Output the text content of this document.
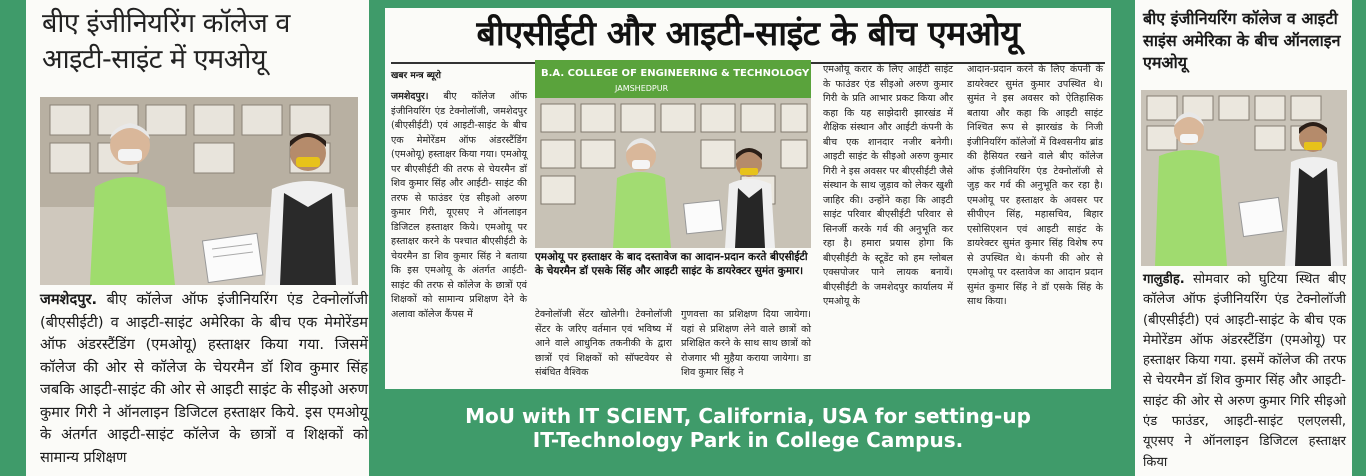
बीए इंजीनियरिंग कॉलेज व आइटी-साइंट में एमओयू
जमशेदपुर. बीए कॉलेज ऑफ इंजीनियरिंग एंड टेक्नोलॉजी (बीएसीईटी) व आइटी-साइंट अमेरिका के बीच एक मेमोरेंडम ऑफ अंडरस्टैंडिंग (एमओयू) हस्ताक्षर किया गया. जिसमें कॉलेज की ओर से कॉलेज के चेयरमैन डॉ शिव कुमार सिंह जबकि आइटी-साइंट की ओर से आइटी साइंट के सीइओ अरुण कुमार गिरी ने ऑनलाइन डिजिटल हस्ताक्षर किये. इस एमओयू के अंतर्गत आइटी-साइंट कॉलेज के छात्रों व शिक्षकों को सामान्य प्रशिक्षण
बीएसीईटी और आइटी-साइंट के बीच एमओयू
खबर मन्त्र ब्यूरो
जमशेदपुर। बीए कॉलेज ऑफ इंजीनियरिंग एंड टेक्नोलॉजी, जमशेदपुर (बीएसीईटी) एवं आइटी-साइंट के बीच एक मेमोरेंडम ऑफ अंडरस्टैंडिंग (एमओयू) हस्ताक्षर किया गया। एमओयू पर बीएसीईटी की तरफ से चेयरमैन डॉ शिव कुमार सिंह और आईटी- साइंट की तरफ से फाउंडर एंड सीइओ अरुण कुमार गिरी, यूएसए ने ऑनलाइन डिजिटल हस्ताक्षर किये। एमओयू पर हस्ताक्षर करने के पश्चात बीएसीईटी के चेयरमैन डा शिव कुमार सिंह ने बताया कि इस एमओयू के अंतर्गत आईटी- साइंट की तरफ से कॉलेज के छात्रों एवं शिक्षकों को सामान्य प्रशिक्षण देने के अलावा कॉलेज कैंपस में
B.A. COLLEGE OF ENGINEERING & TECHNOLOGY
JAMSHEDPUR
एमओयू पर हस्ताक्षर के बाद दस्तावेज का आदान-प्रदान करते बीएसीईटी के चेयरमैन डॉ एसके सिंह और आइटी साइंट के डायरेक्टर सुमंत कुमार।
टेक्नोलॉजी सेंटर खोलेगी। टेक्नोलॉजी सेंटर के जरिए वर्तमान एवं भविष्य में आने वाले आधुनिक तकनीकी के द्वारा छात्रों एवं शिक्षकों को सॉफ्टवेयर से संबंधित वैश्विक
गुणवत्ता का प्रशिक्षण दिया जायेगा। यहां से प्रशिक्षण लेने वाले छात्रों को प्रशिक्षित करने के साथ साथ छात्रों को रोजगार भी मुहैया कराया जायेगा। डा शिव कुमार सिंह ने
एमओयू करार के लिए आईटी साइंट के फाउंडर एंड सीइओ अरुण कुमार गिरी के प्रति आभार प्रकट किया और कहा कि यह साझेदारी झारखंड में शैक्षिक संस्थान और आईटी कंपनी के बीच एक शानदार नजीर बनेगी। आइटी साइंट के सीइओ अरुण कुमार गिरी ने इस अवसर पर बीएसीईटी जैसे संस्थान के साथ जुड़ाव को लेकर खुशी जाहिर की। उन्होंने कहा कि आइटी साइंट परिवार बीएसीईटी परिवार से सिनर्जी करके गर्व की अनुभूति कर रहा है। हमारा प्रयास होगा कि बीएसीईटी के स्टूडेंट को हम ग्लोबल एक्सपोजर पाने लायक बनायें। बीएसीईटी के जमशेदपुर कार्यालय में एमओयू के
आदान-प्रदान करने के लिए कंपनी के डायरेक्टर सुमंत कुमार उपस्थित थे। सुमंत ने इस अवसर को ऐतिहासिक बताया और कहा कि आइटी साइंट निश्चित रूप से झारखंड के निजी इंजीनियरिंग कॉलेजों में विश्वसनीय ब्रांड की हैसियत रखने वाले बीए कॉलेज ऑफ इंजीनियरिंग एंड टेक्नोलॉजी से जुड़ कर गर्व की अनुभूति कर रहा है। एमओयू पर हस्ताक्षर के अवसर पर सीपीएन सिंह, महासचिव, बिहार एसोसिएशन एवं आइटी साइंट के डायरेक्टर सुमंत कुमार सिंह विशेष रुप से उपस्थित थे। कंपनी की ओर से एमओयू पर दस्तावेज का आदान प्रदान सुमंत कुमार सिंह ने डॉ एसके सिंह के साथ किया।
MoU with IT SCIENT, California, USA for setting-up
IT-Technology Park in College Campus.
बीए इंजीनियरिंग कॉलेज व आइटी साइंस अमेरिका के बीच ऑनलाइन एमओयू
गालुडीह. सोमवार को घुटिया स्थित बीए कॉलेज ऑफ इंजीनियरिंग एंड टेक्नोलॉजी (बीएसीईटी) एवं आइटी-साइंट के बीच एक मेमोरेंडम ऑफ अंडरस्टैंडिंग (एमओयू) पर हस्ताक्षर किया गया. इसमें कॉलेज की तरफ से चेयरमैन डॉ शिव कुमार सिंह और आइटी-साइंट की ओर से अरुण कुमार गिरि सीइओ एंड फाउंडर, आइटी-साइंट एलएलसी, यूएसए ने ऑनलाइन डिजिटल हस्ताक्षर किया
